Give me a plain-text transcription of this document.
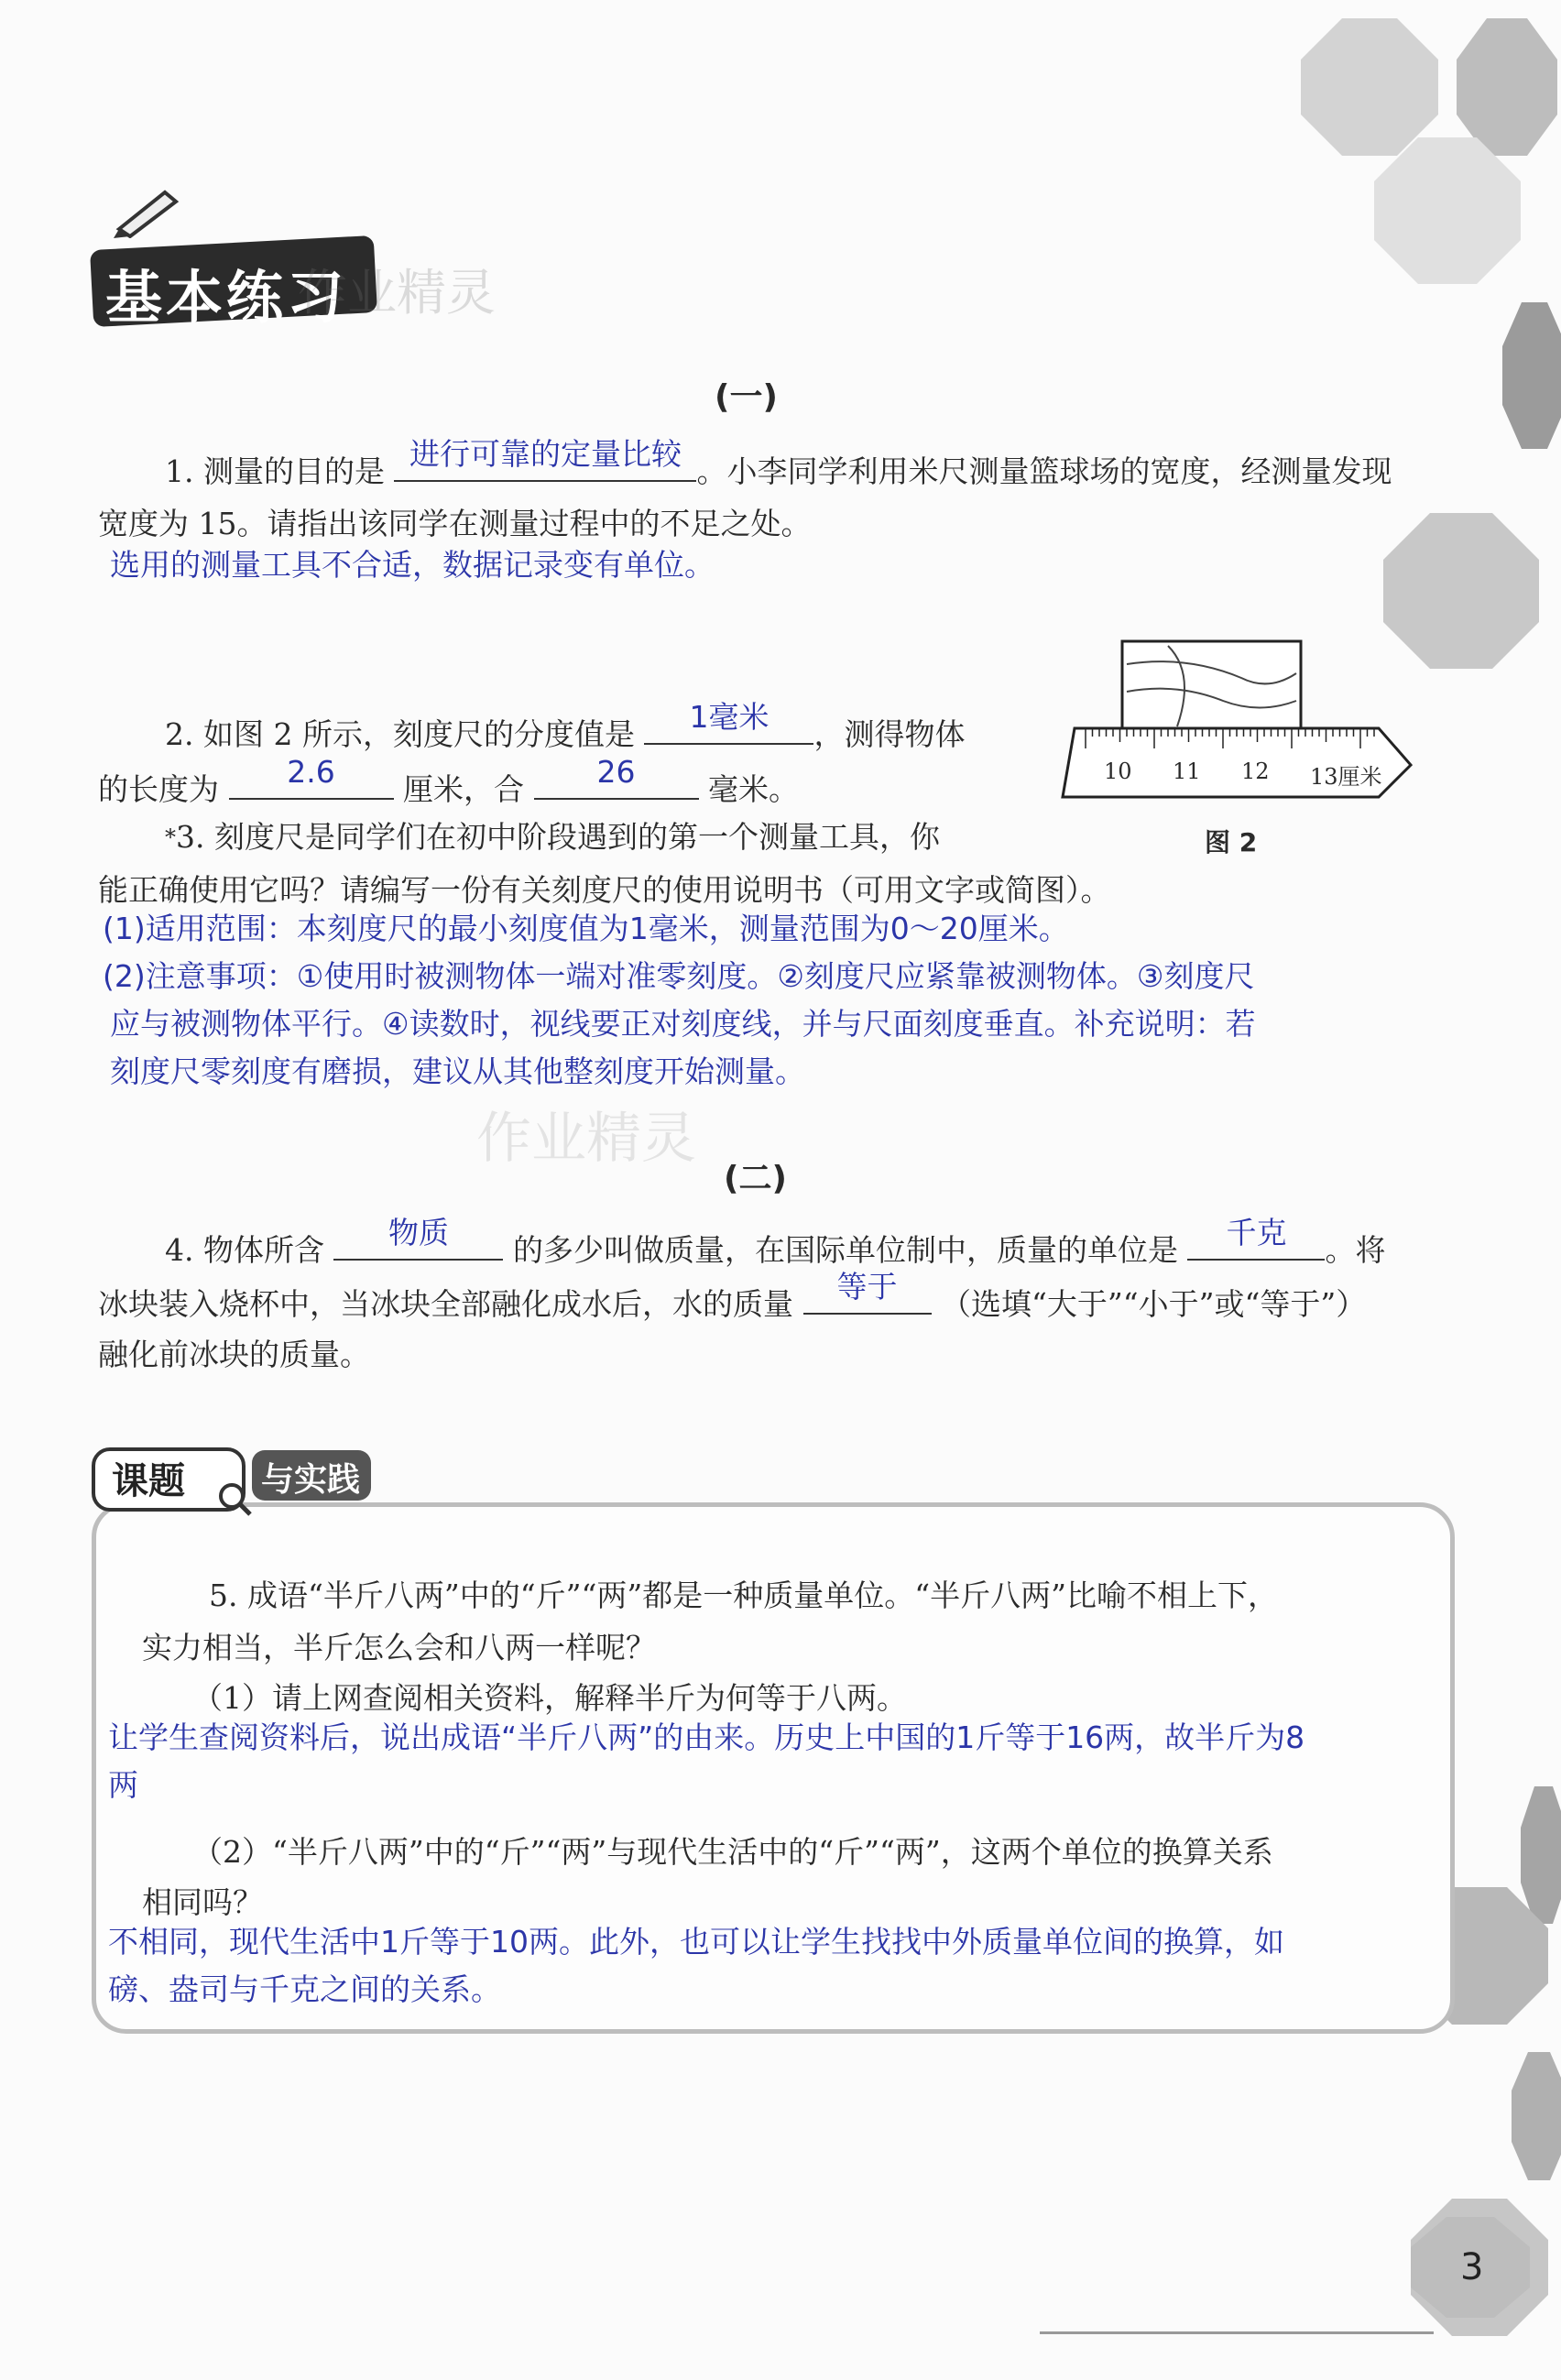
基本练习
作业精灵
(一)
1. 测量的目的是 进行可靠的定量比较 。小李同学利用米尺测量篮球场的宽度，经测量发现
宽度为 15。请指出该同学在测量过程中的不足之处。
选用的测量工具不合适，数据记录变有单位。
2. 如图 2 所示，刻度尺的分度值是	1毫米	，测得物体
的长度为	2.6	厘米，合	26	毫米。	10 11 12 13厘米
图 2
*3. 刻度尺是同学们在初中阶段遇到的第一个测量工具，你
能正确使用它吗？请编写一份有关刻度尺的使用说明书（可用文字或简图）。
(1)适用范围：本刻度尺的最小刻度值为1毫米，测量范围为0～20厘米。
(2)注意事项：①使用时被测物体一端对准零刻度。②刻度尺应紧靠被测物体。③刻度尺
应与被测物体平行。④读数时，视线要正对刻度线，并与尺面刻度垂直。补充说明：若
刻度尺零刻度有磨损，建议从其他整刻度开始测量。
作业精灵
(二)
4. 物体所含	物质	的多少叫做质量，在国际单位制中，质量的单位是	千克	。将
冰块装入烧杯中，当冰块全部融化成水后，水的质量	等于	（选填“大于”“小于”或“等于”）
融化前冰块的质量。
课题 与实践
5. 成语“半斤八两”中的“斤”“两”都是一种质量单位。“半斤八两”比喻不相上下，
实力相当，半斤怎么会和八两一样呢？
（1）请上网查阅相关资料，解释半斤为何等于八两。
让学生查阅资料后，说出成语“半斤八两”的由来。历史上中国的1斤等于16两，故半斤为8
两
（2）“半斤八两”中的“斤”“两”与现代生活中的“斤”“两”，这两个单位的换算关系
相同吗？
不相同，现代生活中1斤等于10两。此外，也可以让学生找找中外质量单位间的换算，如
磅、盎司与千克之间的关系。
3
